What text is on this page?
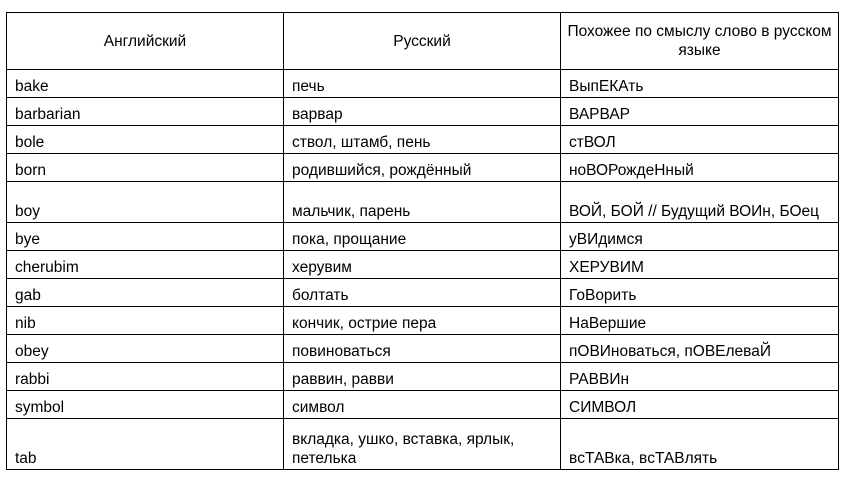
Английский	Русский	Похожее по смыслу слово в русском языке

bake	печь	ВыпЕКАть

barbarian	варвар	ВАРВАР

bole	ствол, штамб, пень	стВОЛ

born	родившийся, рождённый	ноВОРождеНный

boy	мальчик, парень	ВОЙ, БОЙ // Будущий ВОИн, БОец

bye	пока, прощание	уВИдимся

cherubim	херувим	ХЕРУВИМ

gab	болтать	ГоВорить

nib	кончик, острие пера	НаВершие

obey	повиноваться	пОВИноваться, пОВЕлеваЙ

rabbi	раввин, равви	РАВВИн

symbol	символ	СИМВОЛ

tab	вкладка, ушко, вставка, ярлык, петелька	вcТАВка, вcТАВлять
